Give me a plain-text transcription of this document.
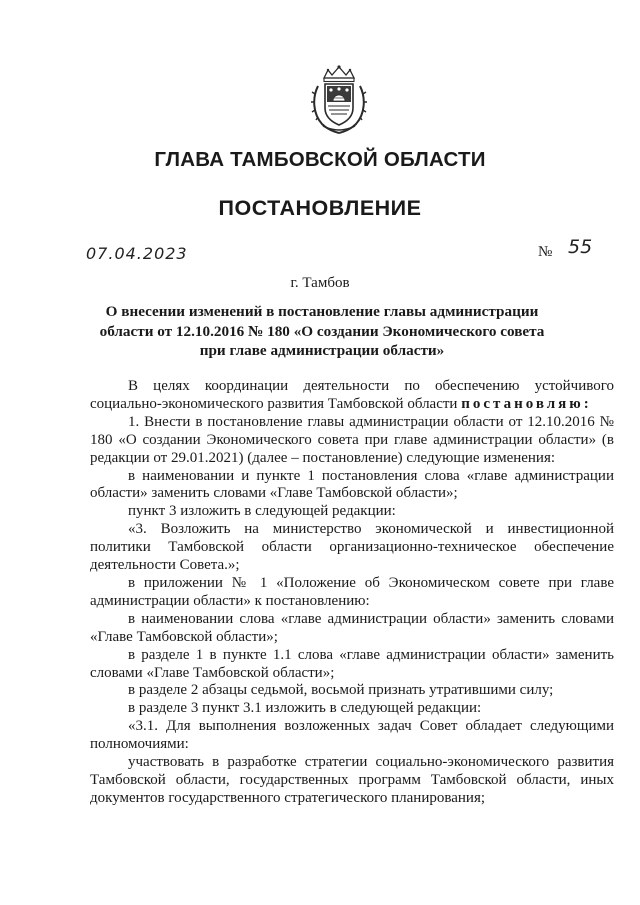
ГЛАВА ТАМБОВСКОЙ ОБЛАСТИ
ПОСТАНОВЛЕНИЕ
07.04.2023	№ 55
г. Тамбов
О внесении изменений в постановление главы администрации области от 12.10.2016 № 180 «О создании Экономического совета при главе администрации области»

В целях координации деятельности по обеспечению устойчивого социально-экономического развития Тамбовской области постановляю:

1. Внести в постановление главы администрации области от 12.10.2016 № 180 «О создании Экономического совета при главе администрации области» (в редакции от 29.01.2021) (далее – постановление) следующие изменения:

в наименовании и пункте 1 постановления слова «главе администрации области» заменить словами «Главе Тамбовской области»;

пункт 3 изложить в следующей редакции:

«3. Возложить на министерство экономической и инвестиционной политики Тамбовской области организационно-техническое обеспечение деятельности Совета.»;

в приложении № 1 «Положение об Экономическом совете при главе администрации области» к постановлению:

в наименовании слова «главе администрации области» заменить словами «Главе Тамбовской области»;

в разделе 1 в пункте 1.1 слова «главе администрации области» заменить словами «Главе Тамбовской области»;

в разделе 2 абзацы седьмой, восьмой признать утратившими силу;

в разделе 3 пункт 3.1 изложить в следующей редакции:

«3.1. Для выполнения возложенных задач Совет обладает следующими полномочиями:

участвовать в разработке стратегии социально-экономического развития Тамбовской области, государственных программ Тамбовской области, иных документов государственного стратегического планирования;
